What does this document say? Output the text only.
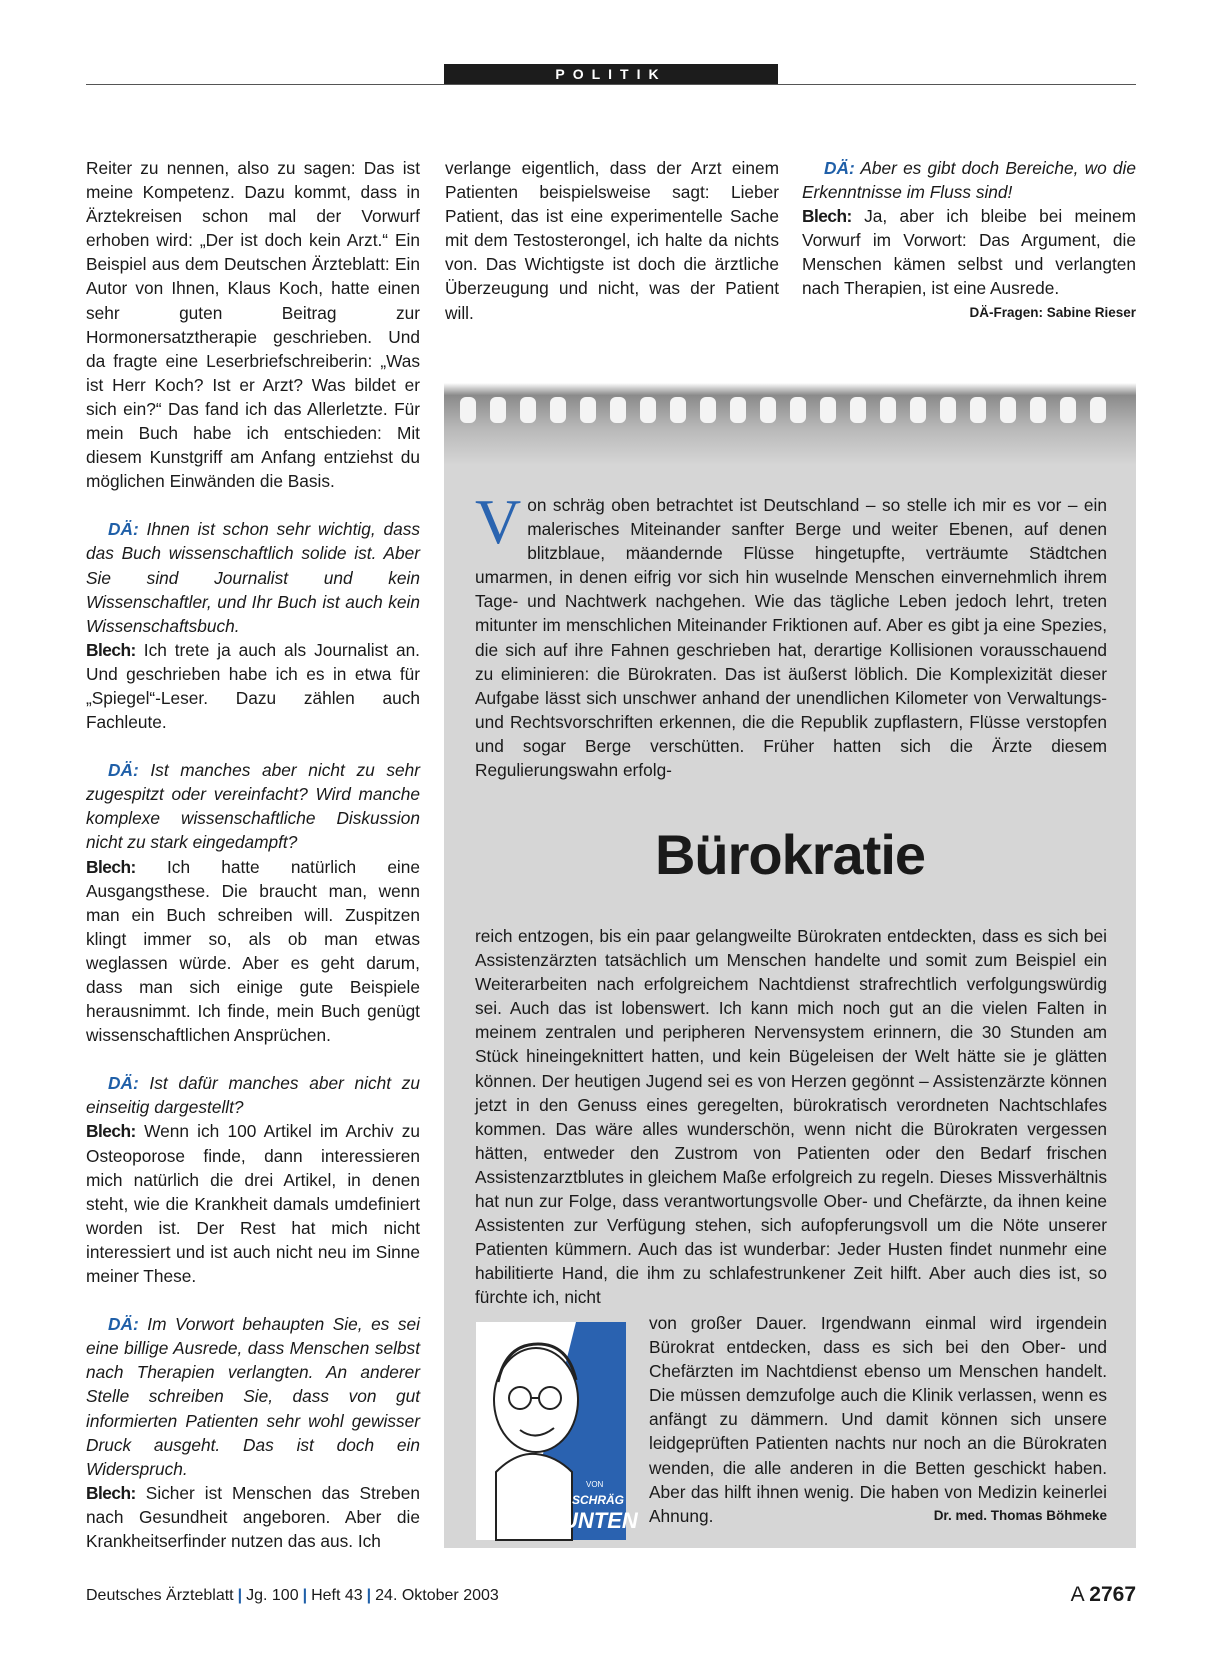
POLITIK

Reiter zu nennen, also zu sagen: Das ist meine Kompetenz. Dazu kommt, dass in Ärztekreisen schon mal der Vorwurf erhoben wird: „Der ist doch kein Arzt.“ Ein Beispiel aus dem Deutschen Ärzteblatt: Ein Autor von Ihnen, Klaus Koch, hatte einen sehr guten Beitrag zur Hormonersatztherapie geschrieben. Und da fragte eine Leserbriefschreiberin: „Was ist Herr Koch? Ist er Arzt? Was bildet er sich ein?“ Das fand ich das Allerletzte. Für mein Buch habe ich entschieden: Mit diesem Kunstgriff am Anfang entziehst du möglichen Einwänden die Basis.

DÄ: Ihnen ist schon sehr wichtig, dass das Buch wissenschaftlich solide ist. Aber Sie sind Journalist und kein Wissenschaftler, und Ihr Buch ist auch kein Wissenschaftsbuch.

Blech: Ich trete ja auch als Journalist an. Und geschrieben habe ich es in etwa für „Spiegel“-Leser. Dazu zählen auch Fachleute.

DÄ: Ist manches aber nicht zu sehr zugespitzt oder vereinfacht? Wird manche komplexe wissenschaftliche Diskussion nicht zu stark eingedampft?

Blech: Ich hatte natürlich eine Ausgangsthese. Die braucht man, wenn man ein Buch schreiben will. Zuspitzen klingt immer so, als ob man etwas weglassen würde. Aber es geht darum, dass man sich einige gute Beispiele herausnimmt. Ich finde, mein Buch genügt wissenschaftlichen Ansprüchen.

DÄ: Ist dafür manches aber nicht zu einseitig dargestellt?

Blech: Wenn ich 100 Artikel im Archiv zu Osteoporose finde, dann interessieren mich natürlich die drei Artikel, in denen steht, wie die Krankheit damals umdefiniert worden ist. Der Rest hat mich nicht interessiert und ist auch nicht neu im Sinne meiner These.

DÄ: Im Vorwort behaupten Sie, es sei eine billige Ausrede, dass Menschen selbst nach Therapien verlangten. An anderer Stelle schreiben Sie, dass von gut informierten Patienten sehr wohl gewisser Druck ausgeht. Das ist doch ein Widerspruch.

Blech: Sicher ist Menschen das Streben nach Gesundheit angeboren. Aber die Krankheitserfinder nutzen das aus. Ich

verlange eigentlich, dass der Arzt einem Patienten beispielsweise sagt: Lieber Patient, das ist eine experimentelle Sache mit dem Testosterongel, ich halte da nichts von. Das Wichtigste ist doch die ärztliche Überzeugung und nicht, was der Patient will.

DÄ: Aber es gibt doch Bereiche, wo die Erkenntnisse im Fluss sind!

Blech: Ja, aber ich bleibe bei meinem Vorwurf im Vorwort: Das Argument, die Menschen kämen selbst und verlangten nach Therapien, ist eine Ausrede.
DÄ-Fragen: Sabine Rieser

Von schräg oben betrachtet ist Deutschland – so stelle ich mir es vor – ein malerisches Miteinander sanfter Berge und weiter Ebenen, auf denen blitzblaue, mäandernde Flüsse hingetupfte, verträumte Städtchen umarmen, in denen eifrig vor sich hin wuselnde Menschen einvernehmlich ihrem Tage- und Nachtwerk nachgehen. Wie das tägliche Leben jedoch lehrt, treten mitunter im menschlichen Miteinander Friktionen auf. Aber es gibt ja eine Spezies, die sich auf ihre Fahnen geschrieben hat, derartige Kollisionen vorausschauend zu eliminieren: die Bürokraten. Das ist äußerst löblich. Die Komplexizität dieser Aufgabe lässt sich unschwer anhand der unendlichen Kilometer von Verwaltungs- und Rechtsvorschriften erkennen, die die Republik zupflastern, Flüsse verstopfen und sogar Berge verschütten. Früher hatten sich die Ärzte diesem Regulierungswahn erfolg-

Bürokratie

reich entzogen, bis ein paar gelangweilte Bürokraten entdeckten, dass es sich bei Assistenzärzten tatsächlich um Menschen handelte und somit zum Beispiel ein Weiterarbeiten nach erfolgreichem Nachtdienst strafrechtlich verfolgungswürdig sei. Auch das ist lobenswert. Ich kann mich noch gut an die vielen Falten in meinem zentralen und peripheren Nervensystem erinnern, die 30 Stunden am Stück hineingeknittert hatten, und kein Bügeleisen der Welt hätte sie je glätten können. Der heutigen Jugend sei es von Herzen gegönnt – Assistenzärzte können jetzt in den Genuss eines geregelten, bürokratisch verordneten Nachtschlafes kommen. Das wäre alles wunderschön, wenn nicht die Bürokraten vergessen hätten, entweder den Zustrom von Patienten oder den Bedarf frischen Assistenzarztblutes in gleichem Maße erfolgreich zu regeln. Dieses Missverhältnis hat nun zur Folge, dass verantwortungsvolle Ober- und Chefärzte, da ihnen keine Assistenten zur Verfügung stehen, sich aufopferungsvoll um die Nöte unserer Patienten kümmern. Auch das ist wunderbar: Jeder Husten findet nunmehr eine habilitierte Hand, die ihm zu schlafestrunkener Zeit hilft. Aber auch dies ist, so fürchte ich, nicht

VON
SCHRÄG
UNTEN

von großer Dauer. Irgendwann einmal wird irgendein Bürokrat entdecken, dass es sich bei den Ober- und Chefärzten im Nachtdienst ebenso um Menschen handelt. Die müssen demzufolge auch die Klinik verlassen, wenn es anfängt zu dämmern. Und damit können sich unsere leidgeprüften Patienten nachts nur noch an die Bürokraten wenden, die alle anderen in die Betten geschickt haben. Aber das hilft ihnen wenig. Die haben von Medizin keinerlei Ahnung.	Dr. med. Thomas Böhmeke

Deutsches Ärzteblatt | Jg. 100 | Heft 43 | 24. Oktober 2003	A 2767
